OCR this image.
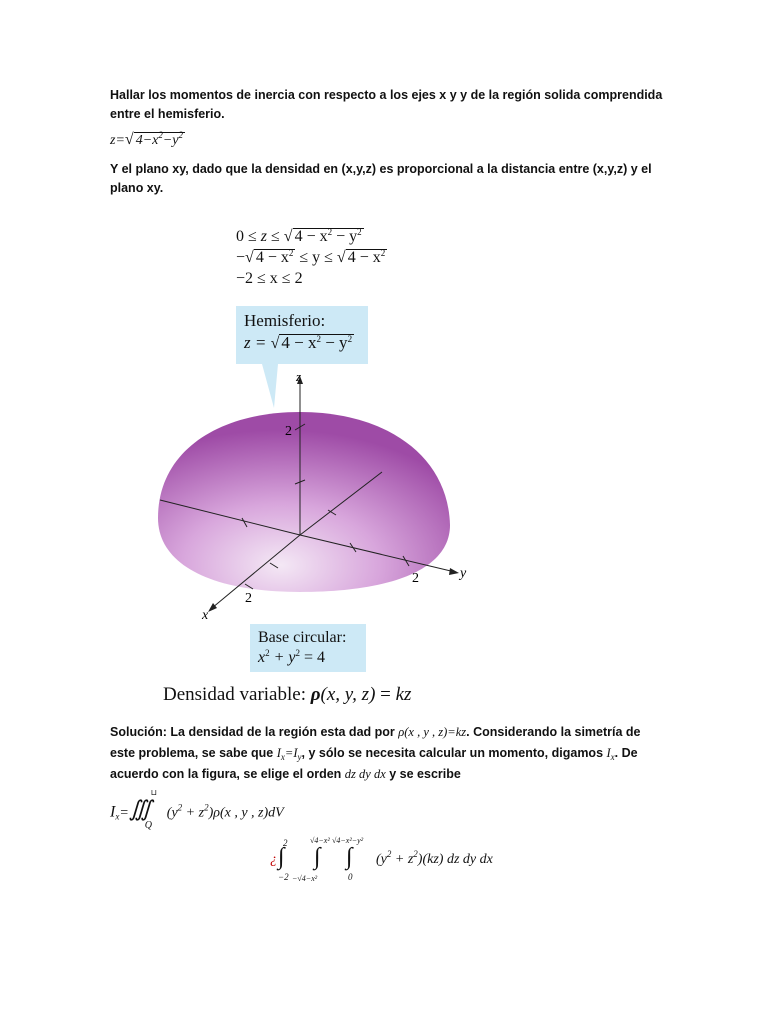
Hallar los momentos de inercia con respecto a los ejes x y y de la región solida comprendida
entre el hemisferio.
z=√ $4-x^2-y^2$
Y el plano xy, dado que la densidad en (x,y,z) es proporcional a la distancia entre (x,y,z) y el
plano xy.
0 ≤ z ≤ √ $4 - x^2 - y^2$
−√ $4 - x^2 \le y$ ≤ √ $4 - x^2$
−2 ≤ x ≤ 2
Hemisferio:
z = √ $4 - x^2 - y^2$
z
2
y
2
x
2
Base circular:
$x^2 + y^2 = 4$
Densidad variable: ρ(x, y, z) = kz
Solución: La densidad de la región esta dad por ρ(x , y , z)=kz. Considerando la simetría de
este problema, se sabe que $I_x=I_y$, y sólo se necesita calcular un momento, digamos $I_x$. De
acuerdo con la figura, se elige el orden dz dy dx y se escribe
$I_x=$
⊔
∭
Q
$(y^2 + z^2)\rho(x$ , y , z)dV
¿
2
∫
−2
√4−x²
∫
−√4−x²
√4−x²−y²
∫
0
$(y^2 + z^2)(kz)$ dz dy dx
